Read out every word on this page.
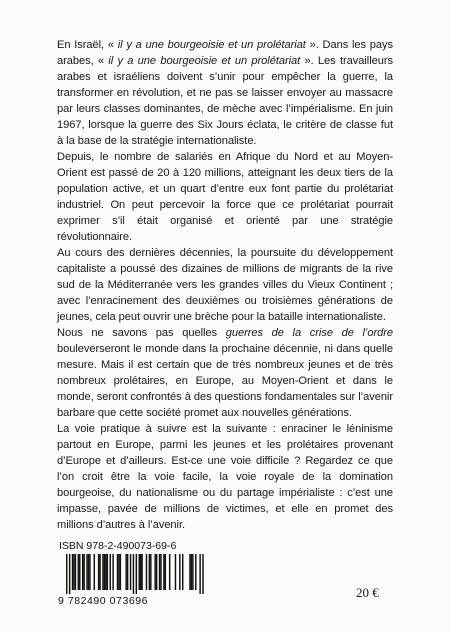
En Israël, « il y a une bourgeoisie et un prolétariat ». Dans les pays arabes, « il y a une bourgeoisie et un prolétariat ». Les travailleurs arabes et israéliens doivent s’unir pour empêcher la guerre, la transformer en révolution, et ne pas se laisser envoyer au massacre par leurs classes dominantes, de mèche avec l’impérialisme. En juin 1967, lorsque la guerre des Six Jours éclata, le critère de classe fut à la base de la stratégie internationaliste.

Depuis, le nombre de salariés en Afrique du Nord et au Moyen-Orient est passé de 20 à 120 millions, atteignant les deux tiers de la population active, et un quart d’entre eux font partie du prolétariat industriel. On peut percevoir la force que ce prolétariat pourrait exprimer s’il était organisé et orienté par une stratégie révolutionnaire.

Au cours des dernières décennies, la poursuite du développement capitaliste a poussé des dizaines de millions de migrants de la rive sud de la Méditerranée vers les grandes villes du Vieux Continent ; avec l’enracinement des deuxièmes ou troisièmes générations de jeunes, cela peut ouvrir une brèche pour la bataille internationaliste.

Nous ne savons pas quelles guerres de la crise de l’ordre bouleverseront le monde dans la prochaine décennie, ni dans quelle mesure. Mais il est certain que de très nombreux jeunes et de très nombreux prolétaires, en Europe, au Moyen-Orient et dans le monde, seront confrontés à des questions fondamentales sur l’avenir barbare que cette société promet aux nouvelles générations.

La voie pratique à suivre est la suivante : enraciner le léninisme partout en Europe, parmi les jeunes et les prolétaires provenant d’Europe et d’ailleurs. Est-ce une voie difficile ? Regardez ce que l’on croit être la voie facile, la voie royale de la domination bourgeoise, du nationalisme ou du partage impérialiste : c’est une impasse, pavée de millions de victimes, et elle en promet des millions d’autres à l’avenir.

ISBN 978-2-490073-69-6
9 782490 073696
20 €
